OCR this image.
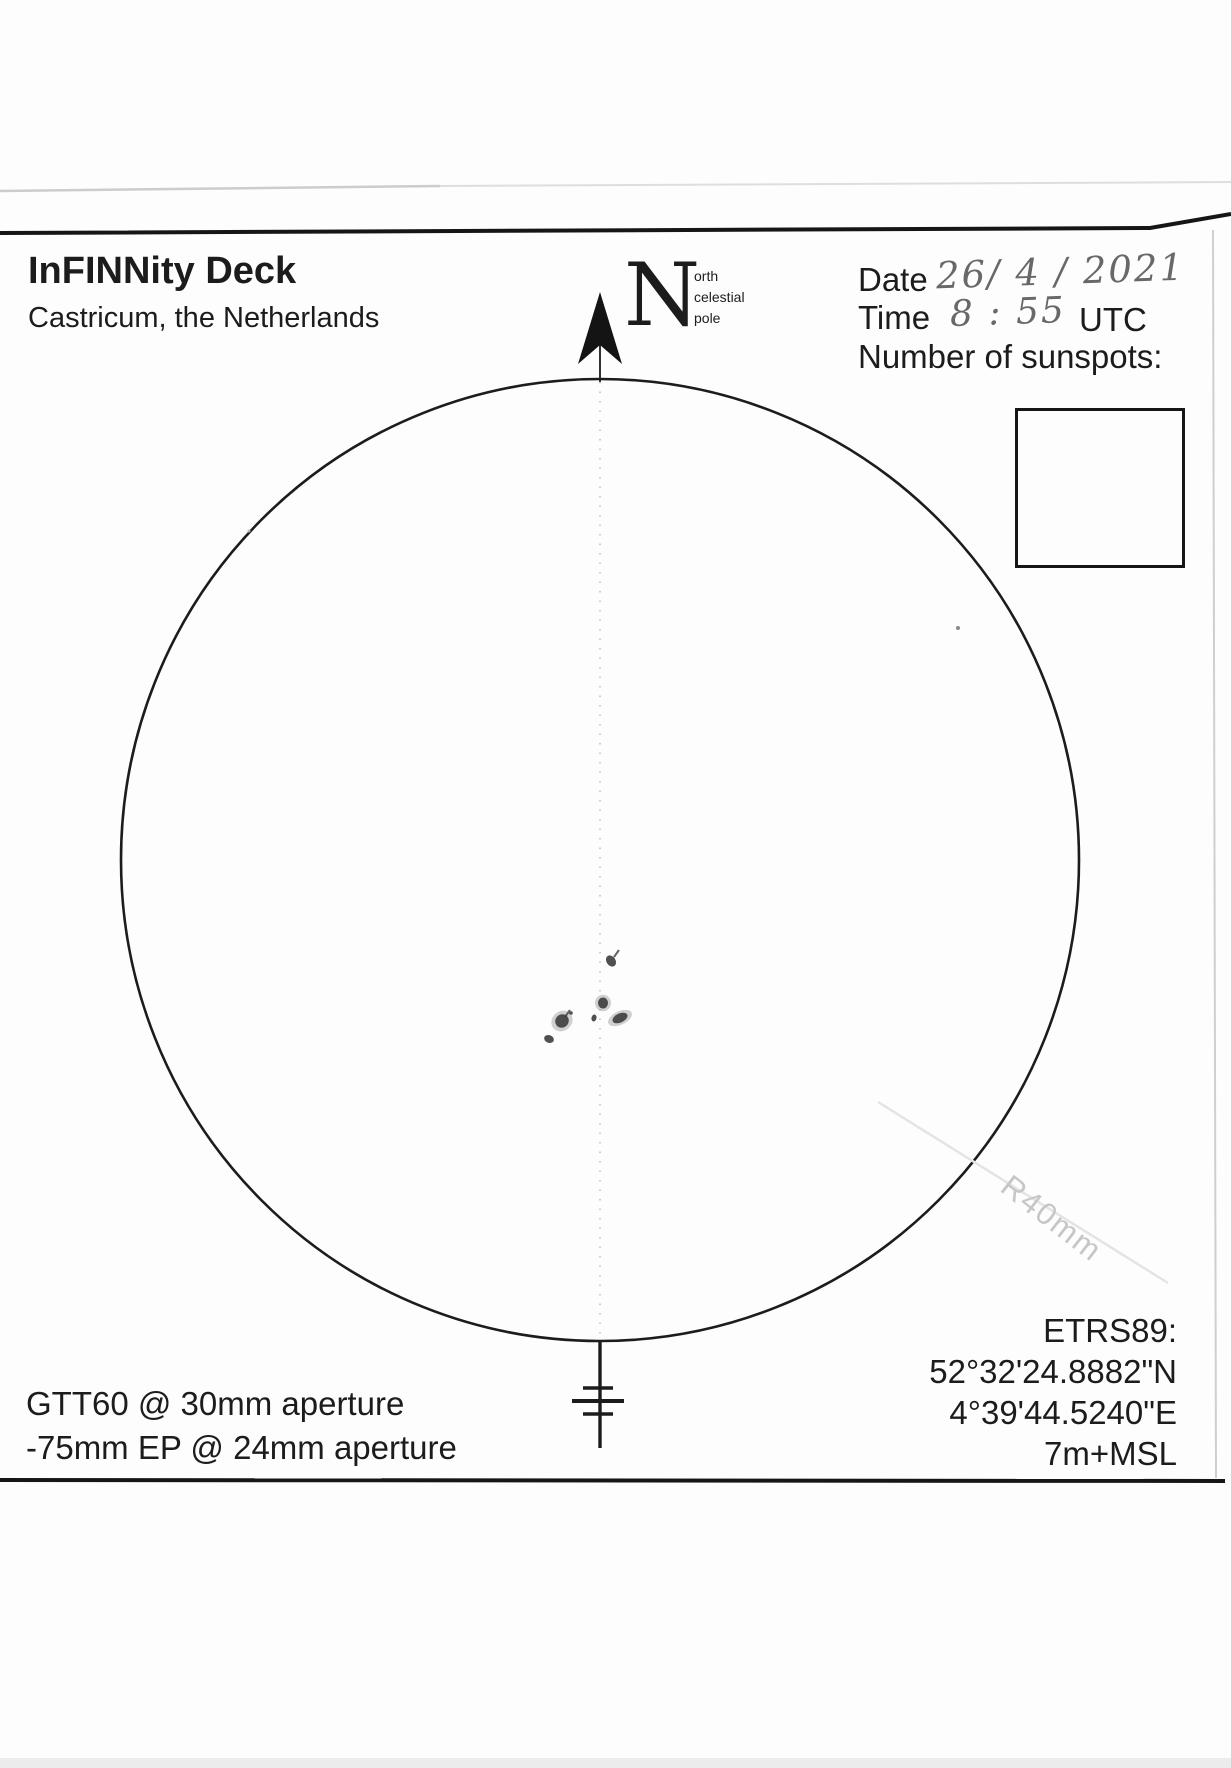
InFINNity Deck
Castricum, the Netherlands	N
orth
celestial
pole
Date 26/ 4 / 2021
Time 8 : 55 UTC
Number of sunspots:
R40mm
GTT60 @ 30mm aperture
-75mm EP @ 24mm aperture
ETRS89:
52°32'24.8882"N
4°39'44.5240"E
7m+MSL
